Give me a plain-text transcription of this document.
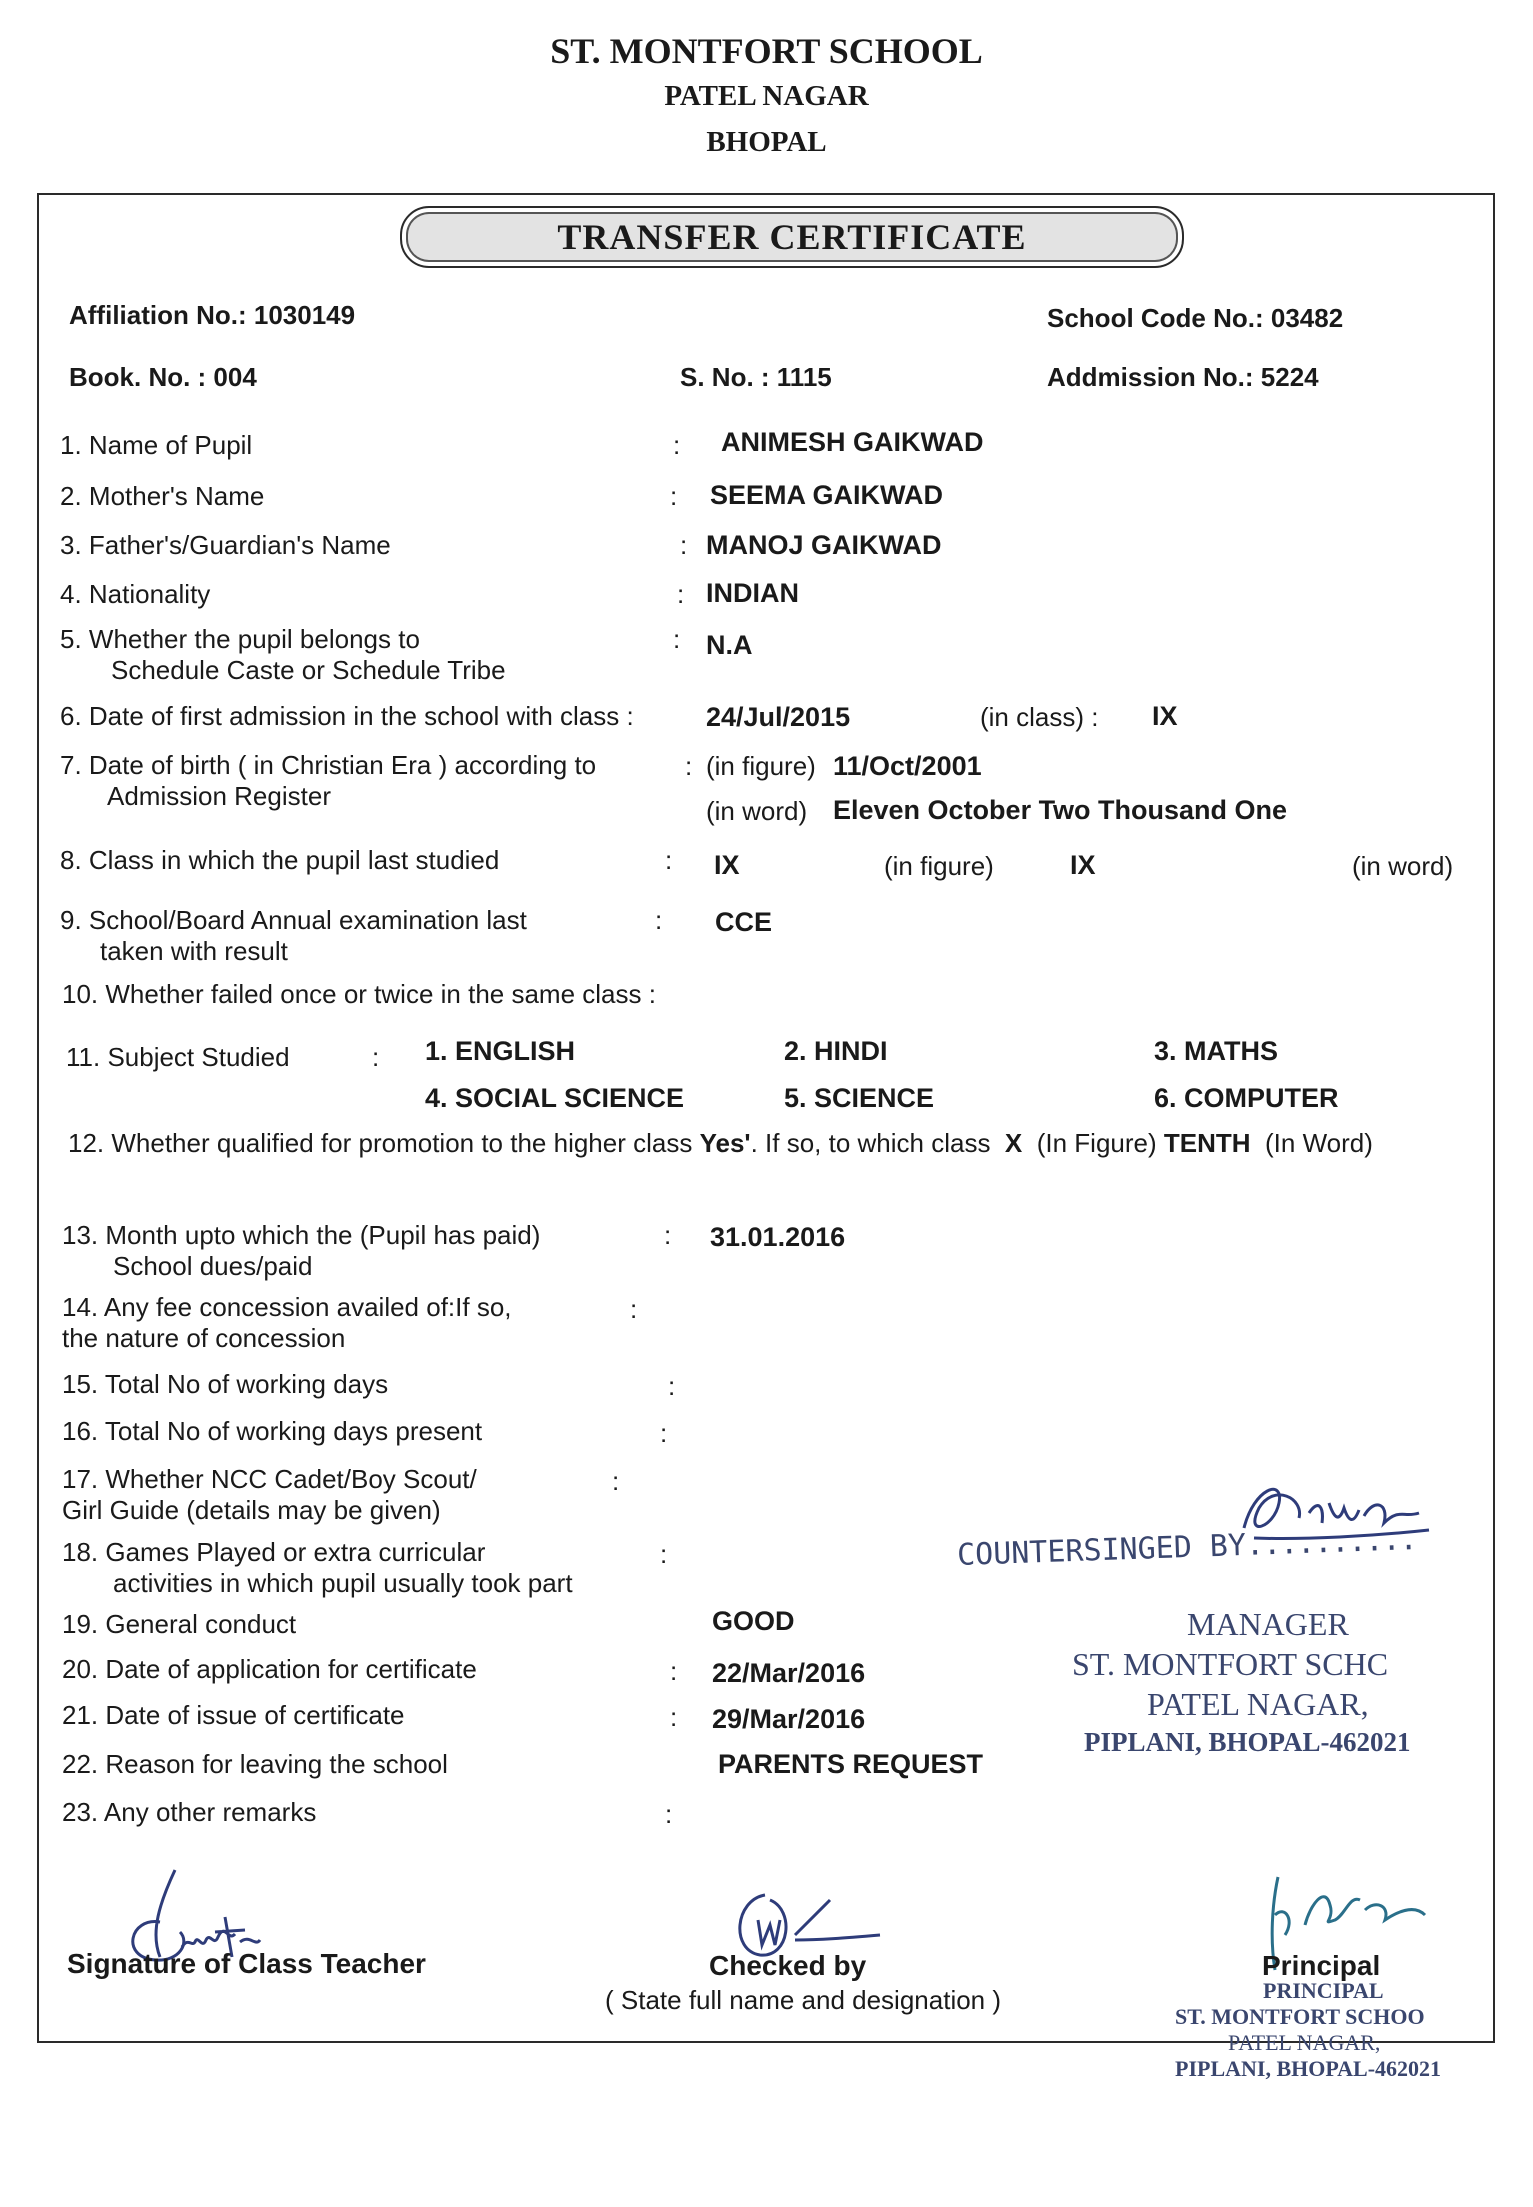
ST. MONTFORT SCHOOL
PATEL NAGAR
BHOPAL
TRANSFER CERTIFICATE
Affiliation No.: 1030149	School Code No.: 03482
Book. No. : 004	S. No. : 1115	Addmission No.: 5224
1. Name of Pupil	: ANIMESH GAIKWAD
2. Mother's Name	: SEEMA GAIKWAD
3. Father's/Guardian's Name	: MANOJ GAIKWAD
4. Nationality	: INDIAN
5. Whether the pupil belongs to
Schedule Caste or Schedule Tribe
: N.A
6. Date of first admission in the school with class :	24/Jul/2015	(in class) : IX
7. Date of birth ( in Christian Era ) according to
Admission Register
: (in figure) 11/Oct/2001
(in word) Eleven October Two Thousand One
8. Class in which the pupil last studied	: IX	(in figure)	IX	(in word)
9. School/Board Annual examination last
taken with result
: CCE
10. Whether failed once or twice in the same class :
11. Subject Studied	: 1. ENGLISH	2. HINDI	3. MATHS
4. SOCIAL SCIENCE	5. SCIENCE	6. COMPUTER
12. Whether qualified for promotion to the higher class Yes'. If so, to which class X (In Figure) TENTH (In Word)
13. Month upto which the (Pupil has paid)
School dues/paid
: 31.01.2016
14. Any fee concession availed of:If so,
the nature of concession
:
15. Total No of working days	:
16. Total No of working days present	:
17. Whether NCC Cadet/Boy Scout/
Girl Guide (details may be given)
:
18. Games Played or extra curricular
activities in which pupil usually took part
:
19. General conduct	GOOD
20. Date of application for certificate	: 22/Mar/2016
21. Date of issue of certificate	: 29/Mar/2016
22. Reason for leaving the school	PARENTS REQUEST
23. Any other remarks	:
COUNTERSINGED BY..........
MANAGER
ST. MONTFORT SCHC
PATEL NAGAR,
PIPLANI, BHOPAL-462021
Signature of Class Teacher	Checked by
( State full name and designation )
Principal
PRINCIPAL
ST. MONTFORT SCHOO
PATEL NAGAR,
PIPLANI, BHOPAL-462021
